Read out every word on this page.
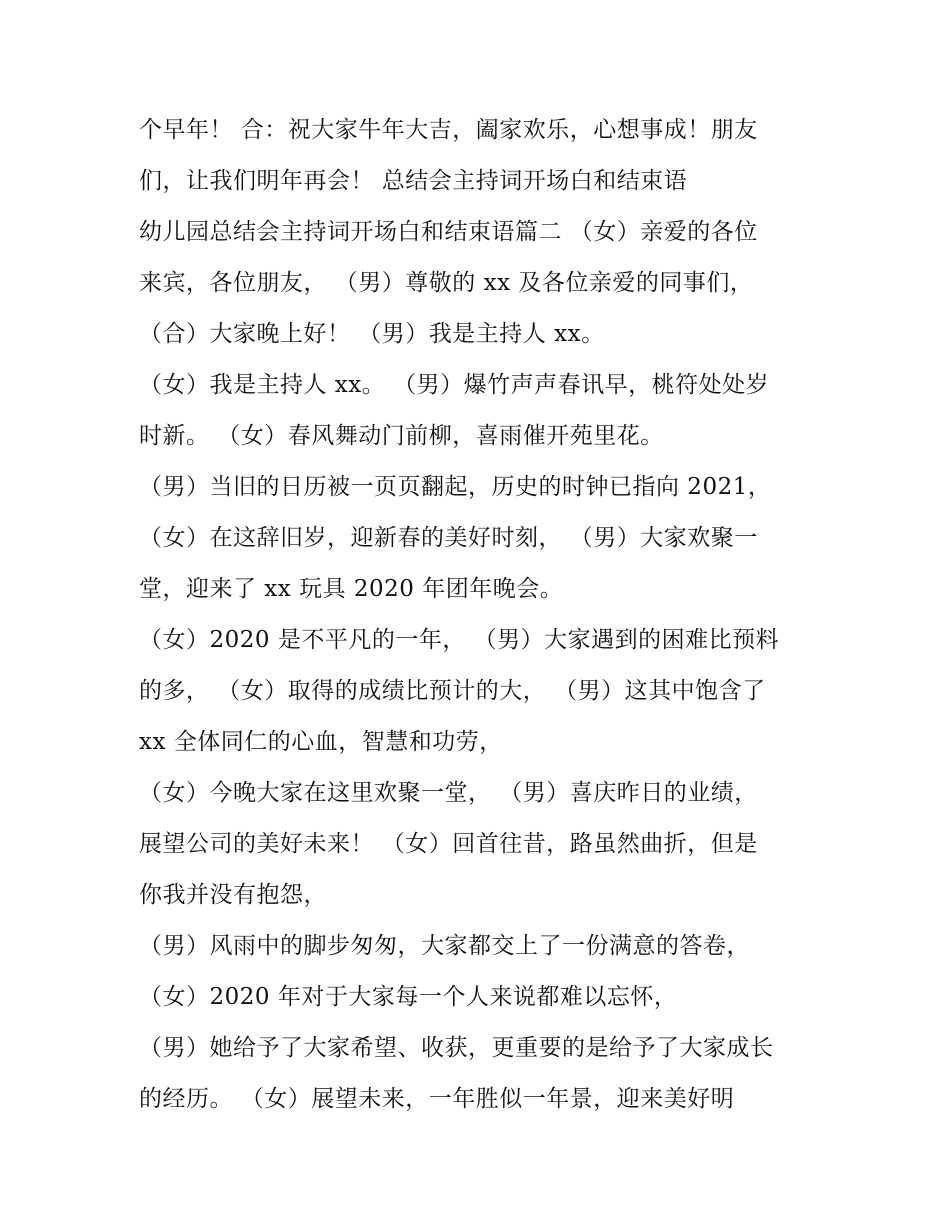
个早年！ 合：祝大家牛年大吉，阖家欢乐，心想事成！朋友
们，让我们明年再会！ 总结会主持词开场白和结束语
幼儿园总结会主持词开场白和结束语篇二 （女）亲爱的各位
来宾，各位朋友， （男）尊敬的 xx 及各位亲爱的同事们，
（合）大家晚上好！ （男）我是主持人 xx。
（女）我是主持人 xx。 （男）爆竹声声春讯早，桃符处处岁
时新。 （女）春风舞动门前柳，喜雨催开苑里花。
（男）当旧的日历被一页页翻起，历史的时钟已指向 2021，
（女）在这辞旧岁，迎新春的美好时刻， （男）大家欢聚一
堂，迎来了 xx 玩具 2020 年团年晚会。
（女）2020 是不平凡的一年， （男）大家遇到的困难比预料
的多， （女）取得的成绩比预计的大， （男）这其中饱含了
xx 全体同仁的心血，智慧和功劳，
（女）今晚大家在这里欢聚一堂， （男）喜庆昨日的业绩，
展望公司的美好未来！ （女）回首往昔，路虽然曲折，但是
你我并没有抱怨，
（男）风雨中的脚步匆匆，大家都交上了一份满意的答卷，
（女）2020 年对于大家每一个人来说都难以忘怀，
（男）她给予了大家希望、收获，更重要的是给予了大家成长
的经历。 （女）展望未来，一年胜似一年景，迎来美好明
